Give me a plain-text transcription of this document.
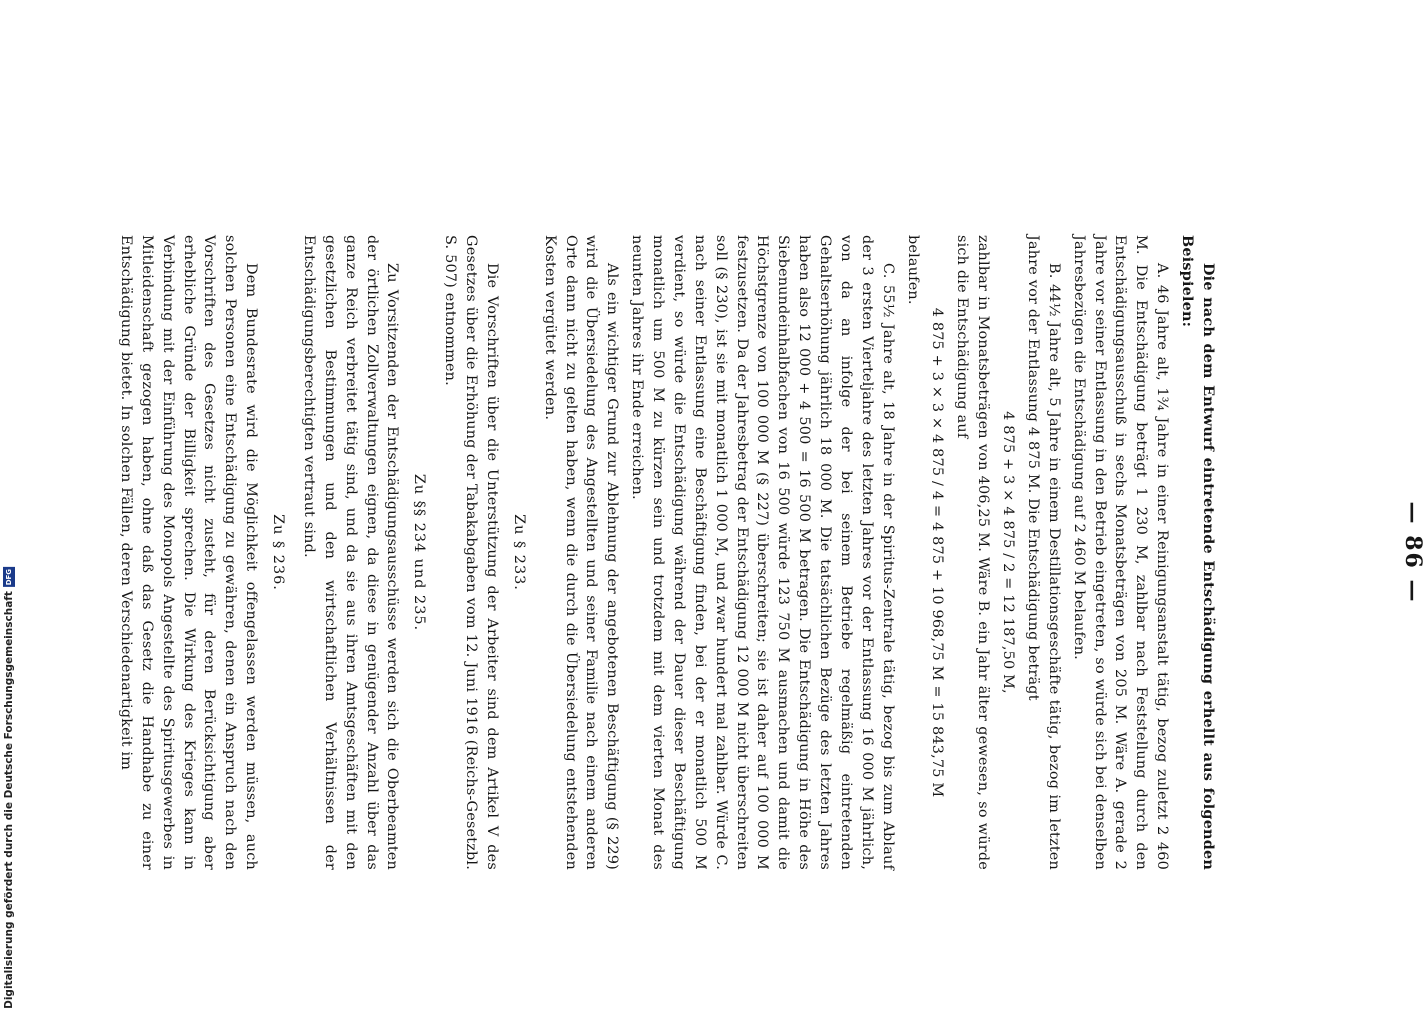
Digitalisierung gefördert durch die Deutsche Forschungsgemeinschaft
DFG	— 86 —

Die nach dem Entwurf eintretende Entschädigung erhellt aus folgenden Beispielen:

A. 46 Jahre alt, 1¾ Jahre in einer Reinigungsanstalt tätig, bezog zuletzt 2 460 M. Die Entschädigung beträgt 1 230 M, zahlbar nach Feststellung durch den Entschädigungsausschuß in sechs Monatsbeträgen von 205 M. Wäre A. gerade 2 Jahre vor seiner Entlassung in den Betrieb eingetreten, so würde sich bei denselben Jahresbezügen die Entschädigung auf 2 460 M belaufen.

B. 44½ Jahre alt, 5 Jahre in einem Destillationsgeschäfte tätig, bezog im letzten Jahre vor der Entlassung 4 875 M. Die Entschädigung beträgt

4 875 + 3 × 4 875 / 2 = 12 187,50 M,

zahlbar in Monatsbeträgen von 406,25 M. Wäre B. ein Jahr älter gewesen, so würde sich die Entschädigung auf

4 875 + 3 × 3 × 4 875 / 4 = 4 875 + 10 968,75 M = 15 843,75 M

belaufen.

C. 55½ Jahre alt, 18 Jahre in der Spiritus-Zentrale tätig, bezog bis zum Ablauf der 3 ersten Vierteljahre des letzten Jahres vor der Entlassung 16 000 M jährlich, von da an infolge der bei seinem Betriebe regelmäßig eintretenden Gehaltserhöhung jährlich 18 000 M. Die tatsächlichen Bezüge des letzten Jahres haben also 12 000 + 4 500 = 16 500 M betragen. Die Entschädigung in Höhe des Siebenundeinhalbfachen von 16 500 würde 123 750 M ausmachen und damit die Höchstgrenze von 100 000 M (§ 227) überschreiten; sie ist daher auf 100 000 M festzusetzen. Da der Jahresbetrag der Entschädigung 12 000 M nicht überschreiten soll (§ 230), ist sie mit monatlich 1 000 M, und zwar hundert mal zahlbar. Würde C. nach seiner Entlassung eine Beschäftigung finden, bei der er monatlich 500 M verdient, so würde die Entschädigung während der Dauer dieser Beschäftigung monatlich um 500 M zu kürzen sein und trotzdem mit dem vierten Monat des neunten Jahres ihr Ende erreichen.

Als ein wichtiger Grund zur Ablehnung der angebotenen Beschäftigung (§ 229) wird die Übersiedelung des Angestellten und seiner Familie nach einem anderen Orte dann nicht zu gelten haben, wenn die durch die Übersiedelung entstehenden Kosten vergütet werden.

Zu § 233.

Die Vorschriften über die Unterstützung der Arbeiter sind dem Artikel V des Gesetzes über die Erhöhung der Tabakabgaben vom 12. Juni 1916 (Reichs-Gesetzbl. S. 507) entnommen.

Zu §§ 234 und 235.

Zu Vorsitzenden der Entschädigungsausschüsse werden sich die Oberbeamten der örtlichen Zollverwaltungen eignen, da diese in genügender Anzahl über das ganze Reich verbreitet tätig sind, und da sie aus ihren Amtsgeschäften mit den gesetzlichen Bestimmungen und den wirtschaftlichen Verhältnissen der Entschädigungsberechtigten vertraut sind.

Zu § 236.

Dem Bundesrate wird die Möglichkeit offengelassen werden müssen, auch solchen Personen eine Entschädigung zu gewähren, denen ein Anspruch nach den Vorschriften des Gesetzes nicht zusteht, für deren Berücksichtigung aber erhebliche Gründe der Billigkeit sprechen. Die Wirkung des Krieges kann in Verbindung mit der Einführung des Monopols Angestellte des Spiritusgewerbes in Mitleidenschaft gezogen haben, ohne daß das Gesetz die Handhabe zu einer Entschädigung bietet. In solchen Fällen, deren Verschiedenartigkeit im
